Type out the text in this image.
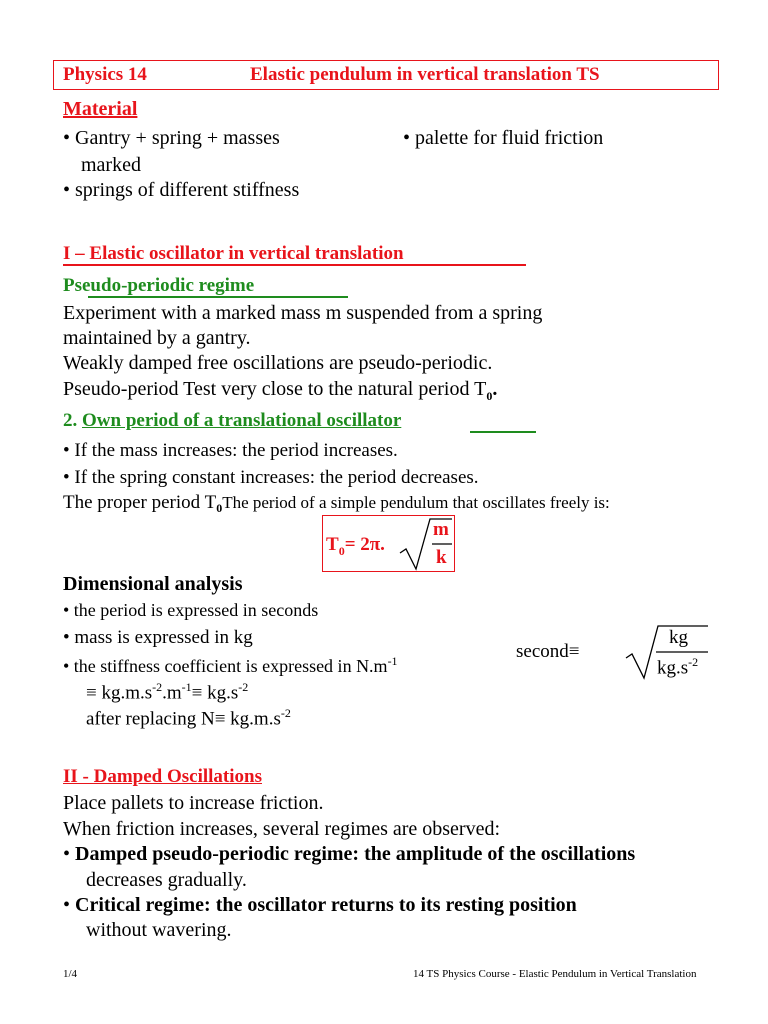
Physics 14	Elastic pendulum in vertical translation TS
Material
• Gantry + spring + masses
marked
• palette for fluid friction
• springs of different stiffness
I – Elastic oscillator in vertical translation
Pseudo-periodic regime
Experiment with a marked mass m suspended from a spring
maintained by a gantry.
Weakly damped free oscillations are pseudo-periodic.
Pseudo-period Test very close to the natural period $T_0$.
2. Own period of a translational oscillator
• If the mass increases: the period increases.
• If the spring constant increases: the period decreases.
The proper period $T_0The$ period of a simple pendulum that oscillates freely is:
$T_0= 2\pi$.
m
k
Dimensional analysis
• the period is expressed in seconds
• mass is expressed in kg
• the stiffness coefficient is expressed in $N.m^{-1}$
≡ $kg.m.s^{-2}.m^{-1}\equiv kg.s^{-2}$
after replacing $N\equiv kg.m.s^{-2}$
second≡
kg
$kg.s^{-2}$
II - Damped Oscillations
Place pallets to increase friction.
When friction increases, several regimes are observed:
• Damped pseudo-periodic regime: the amplitude of the oscillations
decreases gradually.
• Critical regime: the oscillator returns to its resting position
without wavering.
1/4	14 TS Physics Course - Elastic Pendulum in Vertical Translation
